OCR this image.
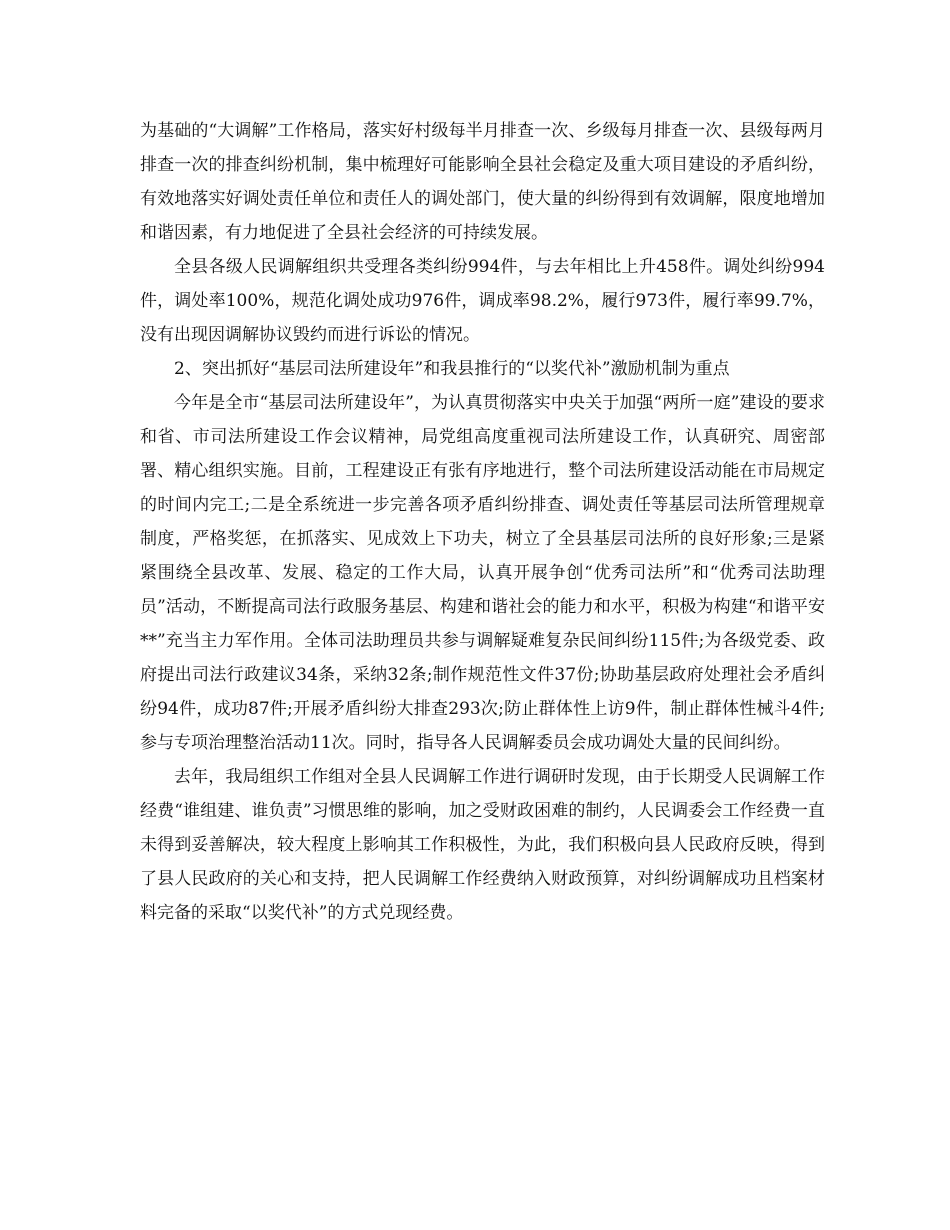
为基础的“大调解”工作格局，落实好村级每半月排查一次、乡级每月排查一次、县级每两月排查一次的排查纠纷机制，集中梳理好可能影响全县社会稳定及重大项目建设的矛盾纠纷，有效地落实好调处责任单位和责任人的调处部门，使大量的纠纷得到有效调解，限度地增加和谐因素，有力地促进了全县社会经济的可持续发展。

全县各级人民调解组织共受理各类纠纷994件，与去年相比上升458件。调处纠纷994件，调处率100%，规范化调处成功976件，调成率98.2%，履行973件，履行率99.7%，没有出现因调解协议毁约而进行诉讼的情况。

2、突出抓好“基层司法所建设年”和我县推行的“以奖代补”激励机制为重点

今年是全市“基层司法所建设年”，为认真贯彻落实中央关于加强“两所一庭”建设的要求和省、市司法所建设工作会议精神，局党组高度重视司法所建设工作，认真研究、周密部署、精心组织实施。目前，工程建设正有张有序地进行，整个司法所建设活动能在市局规定的时间内完工;二是全系统进一步完善各项矛盾纠纷排查、调处责任等基层司法所管理规章制度，严格奖惩，在抓落实、见成效上下功夫，树立了全县基层司法所的良好形象;三是紧紧围绕全县改革、发展、稳定的工作大局，认真开展争创“优秀司法所”和“优秀司法助理员”活动，不断提高司法行政服务基层、构建和谐社会的能力和水平，积极为构建“和谐平安**”充当主力军作用。全体司法助理员共参与调解疑难复杂民间纠纷115件;为各级党委、政府提出司法行政建议34条，采纳32条;制作规范性文件37份;协助基层政府处理社会矛盾纠纷94件，成功87件;开展矛盾纠纷大排查293次;防止群体性上访9件，制止群体性械斗4件;参与专项治理整治活动11次。同时，指导各人民调解委员会成功调处大量的民间纠纷。

去年，我局组织工作组对全县人民调解工作进行调研时发现，由于长期受人民调解工作经费“谁组建、谁负责”习惯思维的影响，加之受财政困难的制约，人民调委会工作经费一直未得到妥善解决，较大程度上影响其工作积极性，为此，我们积极向县人民政府反映，得到了县人民政府的关心和支持，把人民调解工作经费纳入财政预算，对纠纷调解成功且档案材料完备的采取“以奖代补”的方式兑现经费。
